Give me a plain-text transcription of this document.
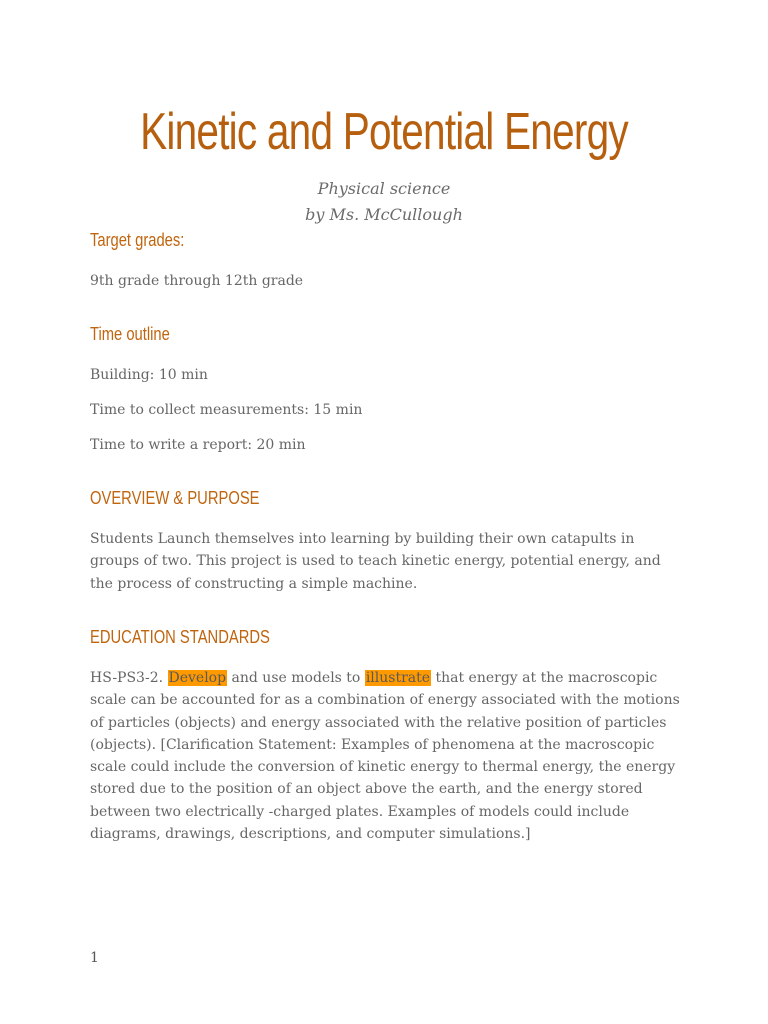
Kinetic and Potential Energy
Physical science
by Ms. McCullough
Target grades:

9th grade through 12th grade

Time outline

Building: 10 min

Time to collect measurements: 15 min

Time to write a report: 20 min

OVERVIEW & PURPOSE

Students Launch themselves into learning by building their own catapults in groups of two. This project is used to teach kinetic energy, potential energy, and the process of constructing a simple machine.

EDUCATION STANDARDS

HS-PS3-2. Develop and use models to illustrate that energy at the macroscopic scale can be accounted for as a combination of energy associated with the motions of particles (objects) and energy associated with the relative position of particles (objects). [Clarification Statement: Examples of phenomena at the macroscopic scale could include the conversion of kinetic energy to thermal energy, the energy stored due to the position of an object above the earth, and the energy stored between two electrically -charged plates. Examples of models could include diagrams, drawings, descriptions, and computer simulations.]

1
